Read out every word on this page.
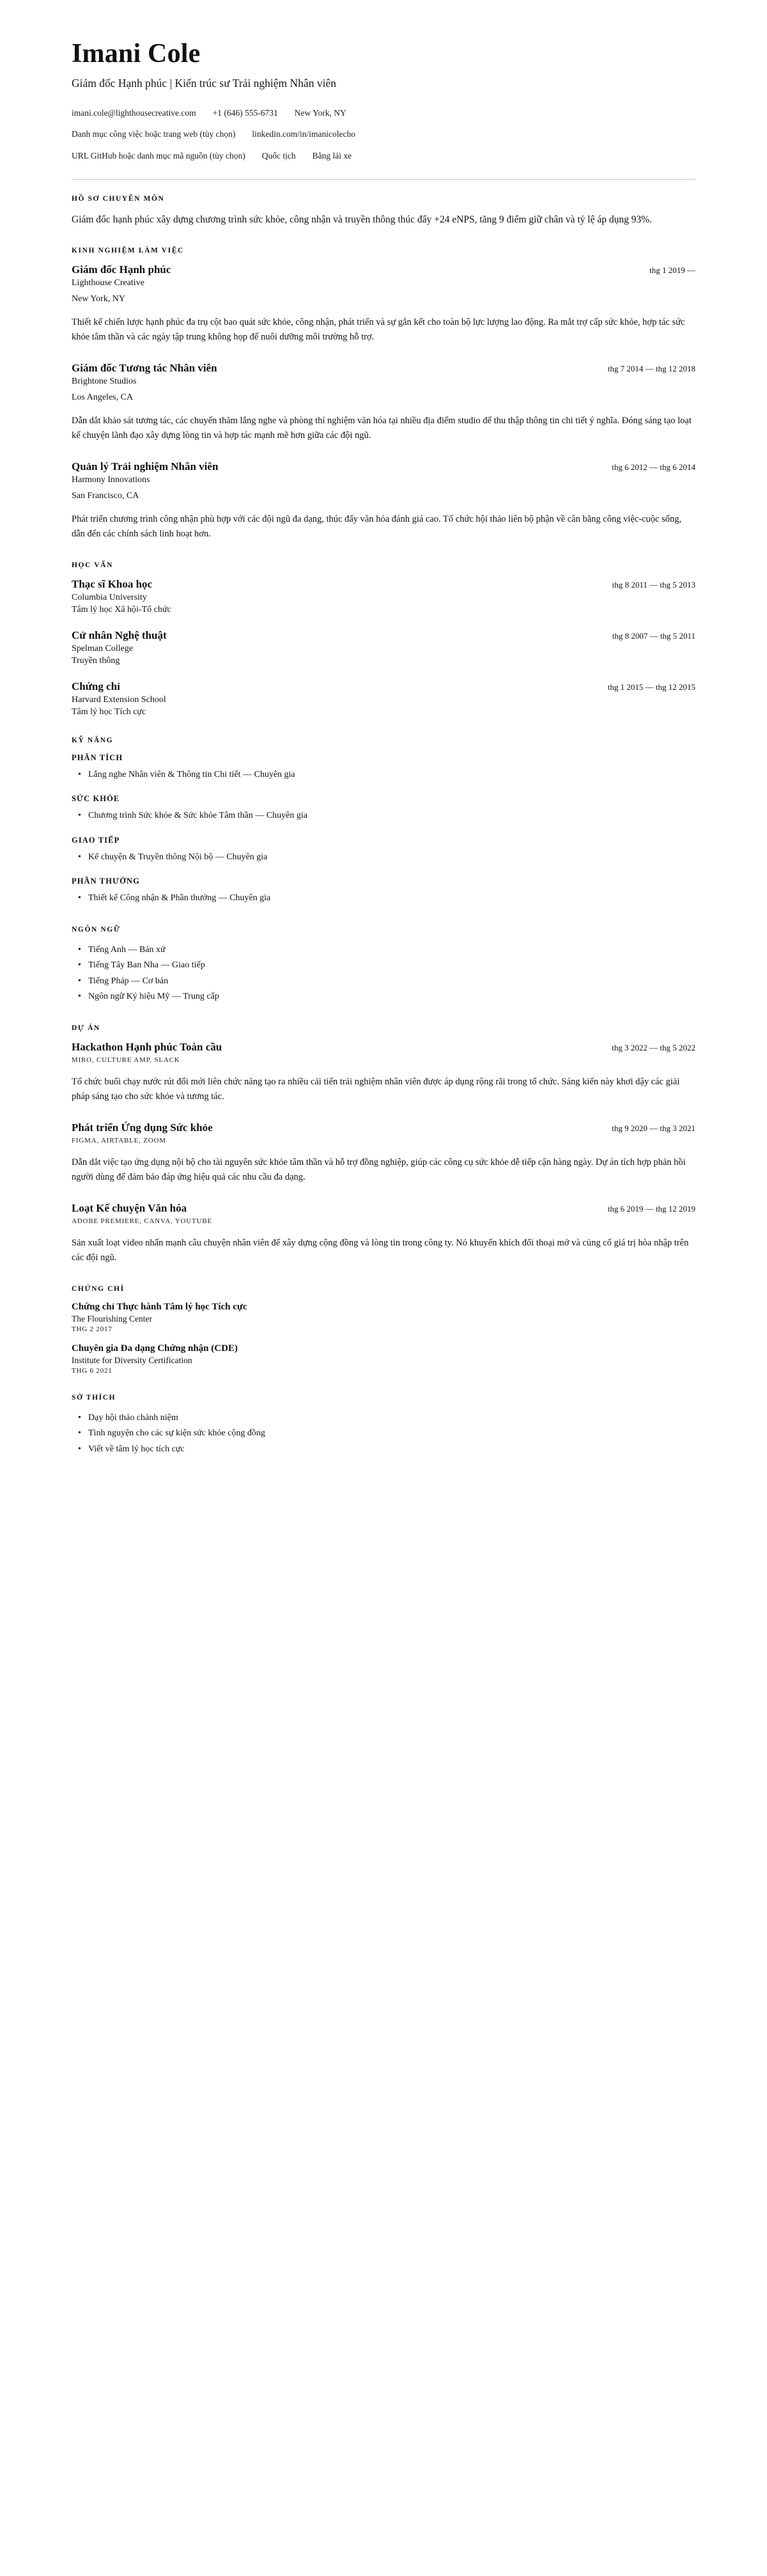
Imani Cole
Giám đốc Hạnh phúc | Kiến trúc sư Trải nghiệm Nhân viên
imani.cole@lighthousecreative.com +1 (646) 555-6731 New York, NY
Danh mục công việc hoặc trang web (tùy chọn) linkedin.com/in/imanicolecho
URL GitHub hoặc danh mục mã nguồn (tùy chọn) Quốc tịch Bằng lái xe
HỒ SƠ CHUYÊN MÔN

Giám đốc hạnh phúc xây dựng chương trình sức khỏe, công nhận và truyền thông thúc đẩy +24 eNPS, tăng 9 điểm giữ chân và tỷ lệ áp dụng 93%.

KINH NGHIỆM LÀM VIỆC
Giám đốc Hạnh phúc	thg 1 2019 —

Lighthouse Creative

New York, NY

Thiết kế chiến lược hạnh phúc đa trụ cột bao quát sức khỏe, công nhận, phát triển và sự gắn kết cho toàn bộ lực lượng lao động. Ra mắt trợ cấp sức khỏe, hợp tác sức khỏe tâm thần và các ngày tập trung không họp để nuôi dưỡng môi trường hỗ trợ.

Giám đốc Tương tác Nhân viên	thg 7 2014 — thg 12 2018

Brightone Studios

Los Angeles, CA

Dẫn dắt khảo sát tương tác, các chuyến thăm lắng nghe và phòng thí nghiệm văn hóa tại nhiều địa điểm studio để thu thập thông tin chi tiết ý nghĩa. Đóng sáng tạo loạt kể chuyện lãnh đạo xây dựng lòng tin và hợp tác mạnh mẽ hơn giữa các đội ngũ.

Quản lý Trải nghiệm Nhân viên	thg 6 2012 — thg 6 2014

Harmony Innovations

San Francisco, CA

Phát triển chương trình công nhận phù hợp với các đội ngũ đa dạng, thúc đẩy văn hóa đánh giá cao. Tổ chức hội thảo liên bộ phận về cân bằng công việc-cuộc sống, dẫn đến các chính sách linh hoạt hơn.

HỌC VẤN
Thạc sĩ Khoa học	thg 8 2011 — thg 5 2013

Columbia University

Tâm lý học Xã hội-Tổ chức

Cử nhân Nghệ thuật	thg 8 2007 — thg 5 2011

Spelman College

Truyền thông

Chứng chỉ	thg 1 2015 — thg 12 2015

Harvard Extension School

Tâm lý học Tích cực

KỸ NĂNG
PHÂN TÍCH
• Lắng nghe Nhân viên & Thông tin Chi tiết — Chuyên gia
SỨC KHỎE
• Chương trình Sức khỏe & Sức khỏe Tâm thần — Chuyên gia
GIAO TIẾP
• Kể chuyện & Truyền thông Nội bộ — Chuyên gia
PHẦN THƯỞNG
• Thiết kế Công nhận & Phần thưởng — Chuyên gia
NGÔN NGỮ
• Tiếng Anh — Bản xứ
• Tiếng Tây Ban Nha — Giao tiếp
• Tiếng Pháp — Cơ bản
• Ngôn ngữ Ký hiệu Mỹ — Trung cấp
DỰ ÁN
Hackathon Hạnh phúc Toàn cầu	thg 3 2022 — thg 5 2022

MIRO, CULTURE AMP, SLACK

Tổ chức buổi chạy nước rút đổi mới liên chức năng tạo ra nhiều cải tiến trải nghiệm nhân viên được áp dụng rộng rãi trong tổ chức. Sáng kiến này khơi dậy các giải pháp sáng tạo cho sức khỏe và tương tác.

Phát triển Ứng dụng Sức khỏe	thg 9 2020 — thg 3 2021

FIGMA, AIRTABLE, ZOOM

Dẫn dắt việc tạo ứng dụng nội bộ cho tài nguyên sức khỏe tâm thần và hỗ trợ đồng nghiệp, giúp các công cụ sức khỏe dễ tiếp cận hàng ngày. Dự án tích hợp phản hồi người dùng để đảm bảo đáp ứng hiệu quả các nhu cầu đa dạng.

Loạt Kể chuyện Văn hóa	thg 6 2019 — thg 12 2019

ADOBE PREMIERE, CANVA, YOUTUBE

Sản xuất loạt video nhấn mạnh câu chuyện nhân viên để xây dựng cộng đồng và lòng tin trong công ty. Nó khuyến khích đối thoại mở và củng cố giá trị hòa nhập trên các đội ngũ.

CHỨNG CHỈ

Chứng chỉ Thực hành Tâm lý học Tích cực

The Flourishing Center

THG 2 2017

Chuyên gia Đa dạng Chứng nhận (CDE)

Institute for Diversity Certification

THG 6 2021

SỞ THÍCH
• Dạy hội thảo chánh niệm
• Tình nguyện cho các sự kiện sức khỏe cộng đồng
• Viết về tâm lý học tích cực
